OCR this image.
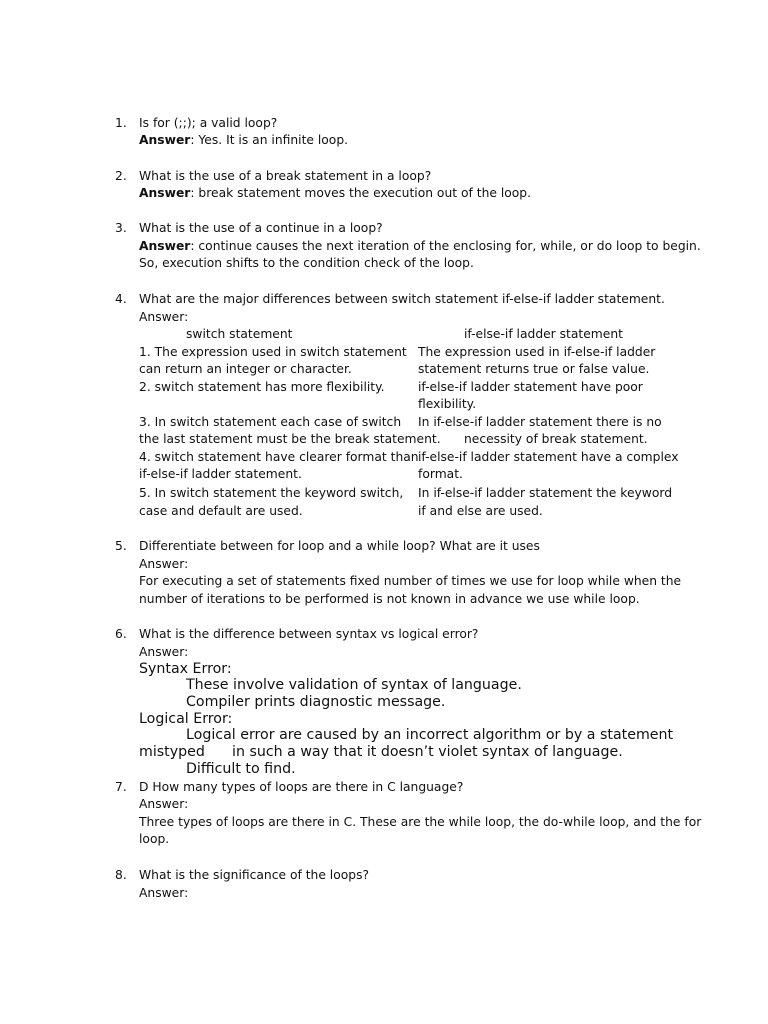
1. Is for (;;); a valid loop?
Answer: Yes. It is an infinite loop.
2. What is the use of a break statement in a loop?
Answer: break statement moves the execution out of the loop.
3. What is the use of a continue in a loop?
Answer: continue causes the next iteration of the enclosing for, while, or do loop to begin.
So, execution shifts to the condition check of the loop.
4. What are the major differences between switch statement if-else-if ladder statement.
Answer:
switch statement	if-else-if ladder statement
1. The expression used in switch statement
can return an integer or character.
The expression used in if-else-if ladder
statement returns true or false value.
2. switch statement has more flexibility.	if-else-if ladder statement have poor
flexibility.
3. In switch statement each case of switch
the last statement must be the break statement.
In if-else-if ladder statement there is no
necessity of break statement.
4. switch statement have clearer format than
if-else-if ladder statement.
if-else-if ladder statement have a complex
format.
5. In switch statement the keyword switch,
case and default are used.
In if-else-if ladder statement the keyword
if and else are used.
5. Differentiate between for loop and a while loop? What are it uses
Answer:
For executing a set of statements fixed number of times we use for loop while when the
number of iterations to be performed is not known in advance we use while loop.
6. What is the difference between syntax vs logical error?
Answer:
Syntax Error:
These involve validation of syntax of language.
Compiler prints diagnostic message.
Logical Error:
Logical error are caused by an incorrect algorithm or by a statement
mistyped in such a way that it doesn’t violet syntax of language.
Difficult to find.
7. D How many types of loops are there in C language?
Answer:
Three types of loops are there in C. These are the while loop, the do-while loop, and the for
loop.
8. What is the significance of the loops?
Answer:
